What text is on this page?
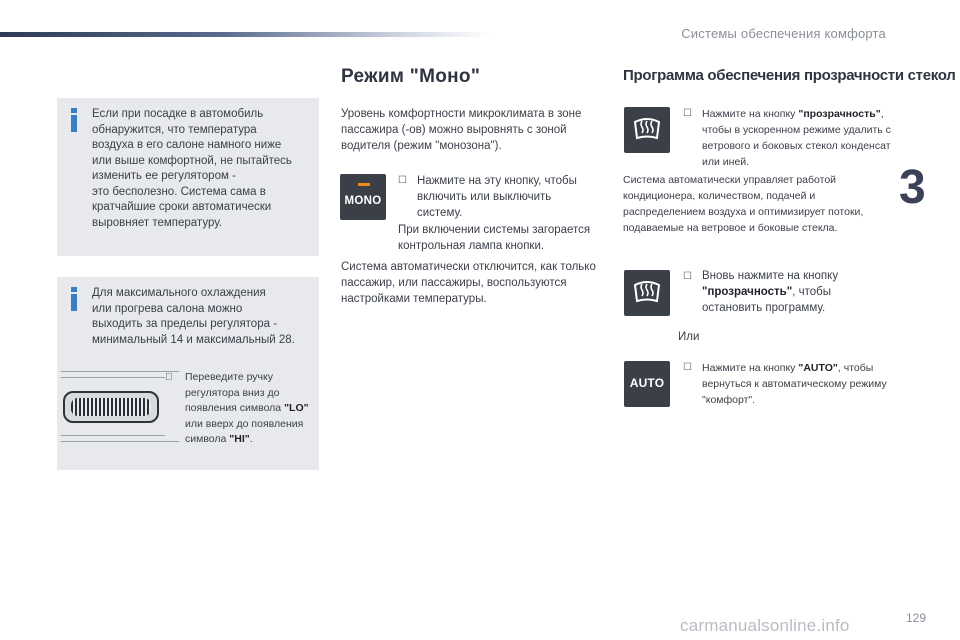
Системы обеспечения комфорта
3
Если при посадке в автомобиль
обнаружится, что температура
воздуха в его салоне намного ниже
или выше комфортной, не пытайтесь
изменить ее регулятором -
это бесполезно. Система сама в
кратчайшие сроки автоматически
выровняет температуру.
Для максимального охлаждения
или прогрева салона можно
выходить за пределы регулятора -
минимальный 14 и максимальный 28.
Переведите ручку регулятора вниз до появления символа "LO" или вверх до появления символа "HI".
Режим "Моно"
Уровень комфортности микроклимата в зоне пассажира (-ов) можно выровнять с зоной водителя (режим "монозона").
MONO
☐ Нажмите на эту кнопку, чтобы включить или выключить систему.
При включении системы загорается контрольная лампа кнопки.
Система автоматически отключится, как только пассажир, или пассажиры, воспользуются настройками температуры.
Программа обеспечения прозрачности стекол
☐ Нажмите на кнопку "прозрачность", чтобы в ускоренном режиме удалить с ветрового и боковых стекол конденсат или иней.
Система автоматически управляет работой кондиционера, количеством, подачей и распределением воздуха и оптимизирует потоки, подаваемые на ветровое и боковые стекла.
☐ Вновь нажмите на кнопку "прозрачность", чтобы остановить программу.
Или
AUTO
☐ Нажмите на кнопку "AUTO", чтобы вернуться к автоматическому режиму "комфорт".
carmanualsonline.info	129
